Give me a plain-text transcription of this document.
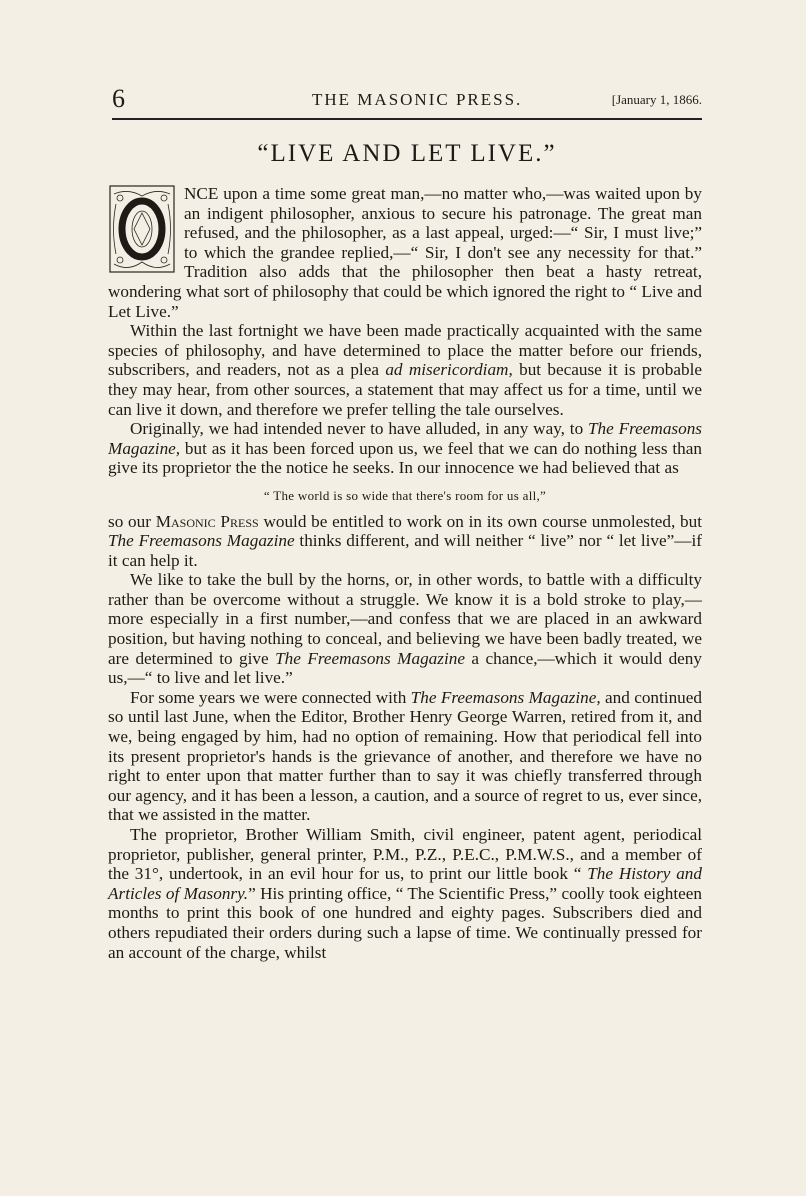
6	THE MASONIC PRESS.	[January 1, 1866.
“LIVE AND LET LIVE.”

O
NCE upon a time some great man,—no matter who,—was waited upon by an indigent philosopher, anxious to secure his patronage. The great man refused, and the philosopher, as a last appeal, urged:—“ Sir, I must live;” to which the grandee replied,—“ Sir, I don't see any necessity for that.” Tradition also adds that the philosopher then beat a hasty retreat, wondering what sort of philosophy that could be which ignored the right to “ Live and Let Live.”

Within the last fortnight we have been made practically acquainted with the same species of philosophy, and have determined to place the matter before our friends, subscribers, and readers, not as a plea ad misericordiam, but because it is probable they may hear, from other sources, a statement that may affect us for a time, until we can live it down, and therefore we prefer telling the tale ourselves.

Originally, we had intended never to have alluded, in any way, to The Freemasons Magazine, but as it has been forced upon us, we feel that we can do nothing less than give its proprietor the the notice he seeks. In our innocence we had believed that as

“ The world is so wide that there's room for us all,”

so our Masonic Press would be entitled to work on in its own course unmolested, but The Freemasons Magazine thinks different, and will neither “ live” nor “ let live”—if it can help it.

We like to take the bull by the horns, or, in other words, to battle with a difficulty rather than be overcome without a struggle. We know it is a bold stroke to play,—more especially in a first number,—and confess that we are placed in an awkward position, but having nothing to conceal, and believing we have been badly treated, we are determined to give The Freemasons Magazine a chance,—which it would deny us,—“ to live and let live.”

For some years we were connected with The Freemasons Magazine, and continued so until last June, when the Editor, Brother Henry George Warren, retired from it, and we, being engaged by him, had no option of remaining. How that periodical fell into its present proprietor's hands is the grievance of another, and therefore we have no right to enter upon that matter further than to say it was chiefly transferred through our agency, and it has been a lesson, a caution, and a source of regret to us, ever since, that we assisted in the matter.

The proprietor, Brother William Smith, civil engineer, patent agent, periodical proprietor, publisher, general printer, P.M., P.Z., P.E.C., P.M.W.S., and a member of the 31°, undertook, in an evil hour for us, to print our little book “ The History and Articles of Masonry.” His printing office, “ The Scientific Press,” coolly took eighteen months to print this book of one hundred and eighty pages. Subscribers died and others repudiated their orders during such a lapse of time. We continually pressed for an account of the charge, whilst
